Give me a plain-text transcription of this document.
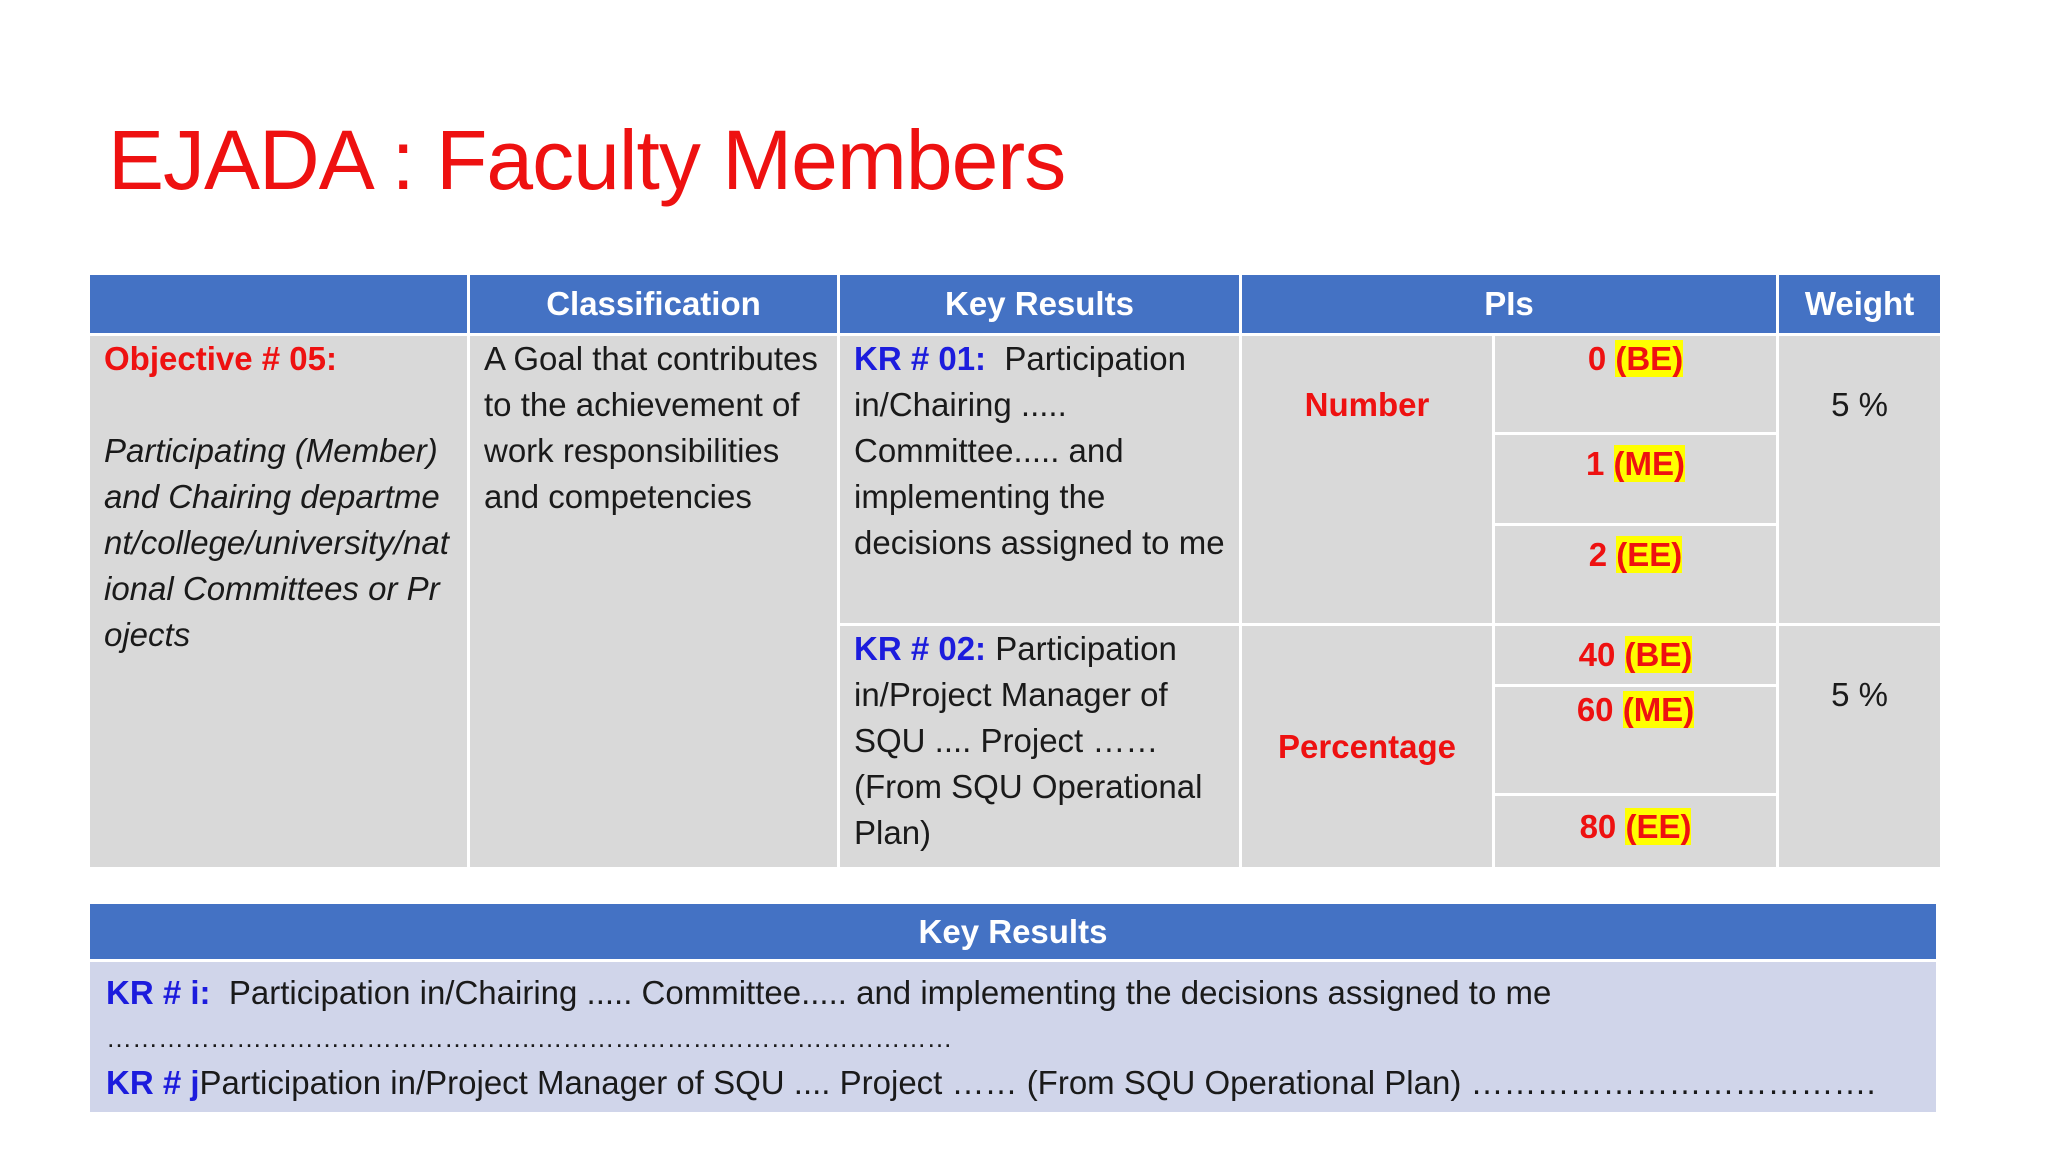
EJADA : Faculty Members
	Classification	Key Results	PIs		Weight

Objective # 05:
Participating (Member) and Chairing department/college/university/national Committees or Projects	A Goal that contributes to the achievement of work responsibilities and competencies	KR # 01: Participation in/Chairing ..... Committee..... and implementing the decisions assigned to me	Number	0 (BE)	5 %

				1 (ME)	
				2 (EE)	
		KR # 02: Participation in/Project Manager of SQU .... Project …… (From SQU Operational Plan)	Percentage	40 (BE)	5 %

				60 (ME)	
				80 (EE)	
Key Results

KR # i: Participation in/Chairing ..... Committee..... and implementing the decisions assigned to me
…………………………………………..…………………………………………
KR # jParticipation in/Project Manager of SQU .... Project …… (From SQU Operational Plan) ……………………………….
